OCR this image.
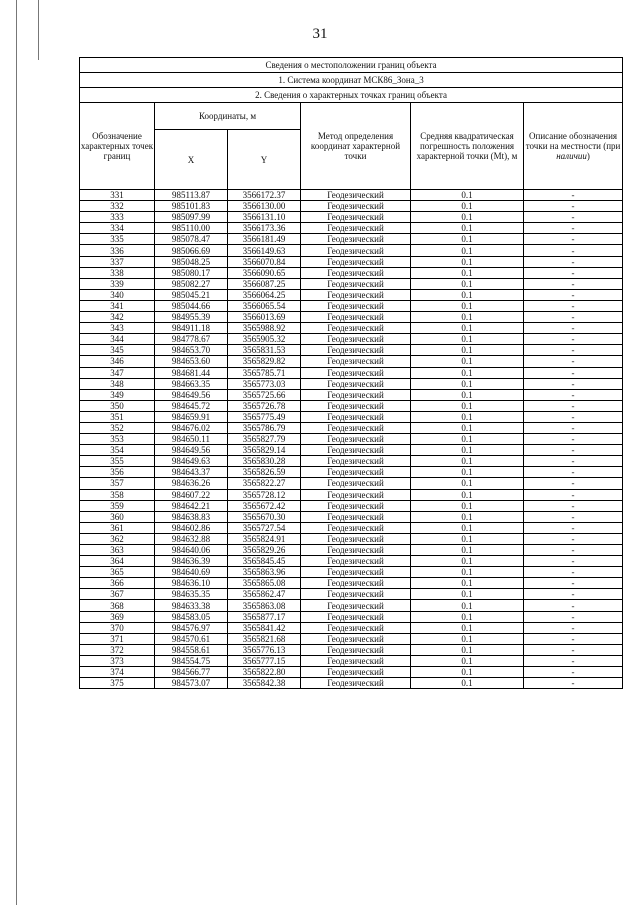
31
Сведения о местоположении границ объекта					
1. Система координат МСК86_Зона_3					
2. Сведения о характерных точках границ объекта					
Обозначение характерных точек границ	Координаты, м		Метод определения координат характерной точки	Средняя квадратическая погрешность положения характерной точки (Mt), м	Описание обозначения точки на местности (при наличии)
	X	Y			
331	985113.87	3566172.37	Геодезический	0.1	-
332	985101.83	3566130.00	Геодезический	0.1	-
333	985097.99	3566131.10	Геодезический	0.1	-
334	985110.00	3566173.36	Геодезический	0.1	-
335	985078.47	3566181.49	Геодезический	0.1	-
336	985066.69	3566149.63	Геодезический	0.1	-
337	985048.25	3566070.84	Геодезический	0.1	-
338	985080.17	3566090.65	Геодезический	0.1	-
339	985082.27	3566087.25	Геодезический	0.1	-
340	985045.21	3566064.25	Геодезический	0.1	-
341	985044.66	3566065.54	Геодезический	0.1	-
342	984955.39	3566013.69	Геодезический	0.1	-
343	984911.18	3565988.92	Геодезический	0.1	-
344	984778.67	3565905.32	Геодезический	0.1	-
345	984653.70	3565831.53	Геодезический	0.1	-
346	984653.60	3565829.82	Геодезический	0.1	-
347	984681.44	3565785.71	Геодезический	0.1	-
348	984663.35	3565773.03	Геодезический	0.1	-
349	984649.56	3565725.66	Геодезический	0.1	-
350	984645.72	3565726.78	Геодезический	0.1	-
351	984659.91	3565775.49	Геодезический	0.1	-
352	984676.02	3565786.79	Геодезический	0.1	-
353	984650.11	3565827.79	Геодезический	0.1	-
354	984649.56	3565829.14	Геодезический	0.1	-
355	984649.63	3565830.28	Геодезический	0.1	-
356	984643.37	3565826.59	Геодезический	0.1	-
357	984636.26	3565822.27	Геодезический	0.1	-
358	984607.22	3565728.12	Геодезический	0.1	-
359	984642.21	3565672.42	Геодезический	0.1	-
360	984638.83	3565670.30	Геодезический	0.1	-
361	984602.86	3565727.54	Геодезический	0.1	-
362	984632.88	3565824.91	Геодезический	0.1	-
363	984640.06	3565829.26	Геодезический	0.1	-
364	984636.39	3565845.45	Геодезический	0.1	-
365	984640.69	3565863.96	Геодезический	0.1	-
366	984636.10	3565865.08	Геодезический	0.1	-
367	984635.35	3565862.47	Геодезический	0.1	-
368	984633.38	3565863.08	Геодезический	0.1	-
369	984583.05	3565877.17	Геодезический	0.1	-
370	984576.97	3565841.42	Геодезический	0.1	-
371	984570.61	3565821.68	Геодезический	0.1	-
372	984558.61	3565776.13	Геодезический	0.1	-
373	984554.75	3565777.15	Геодезический	0.1	-
374	984566.77	3565822.80	Геодезический	0.1	-
375	984573.07	3565842.38	Геодезический	0.1	-
